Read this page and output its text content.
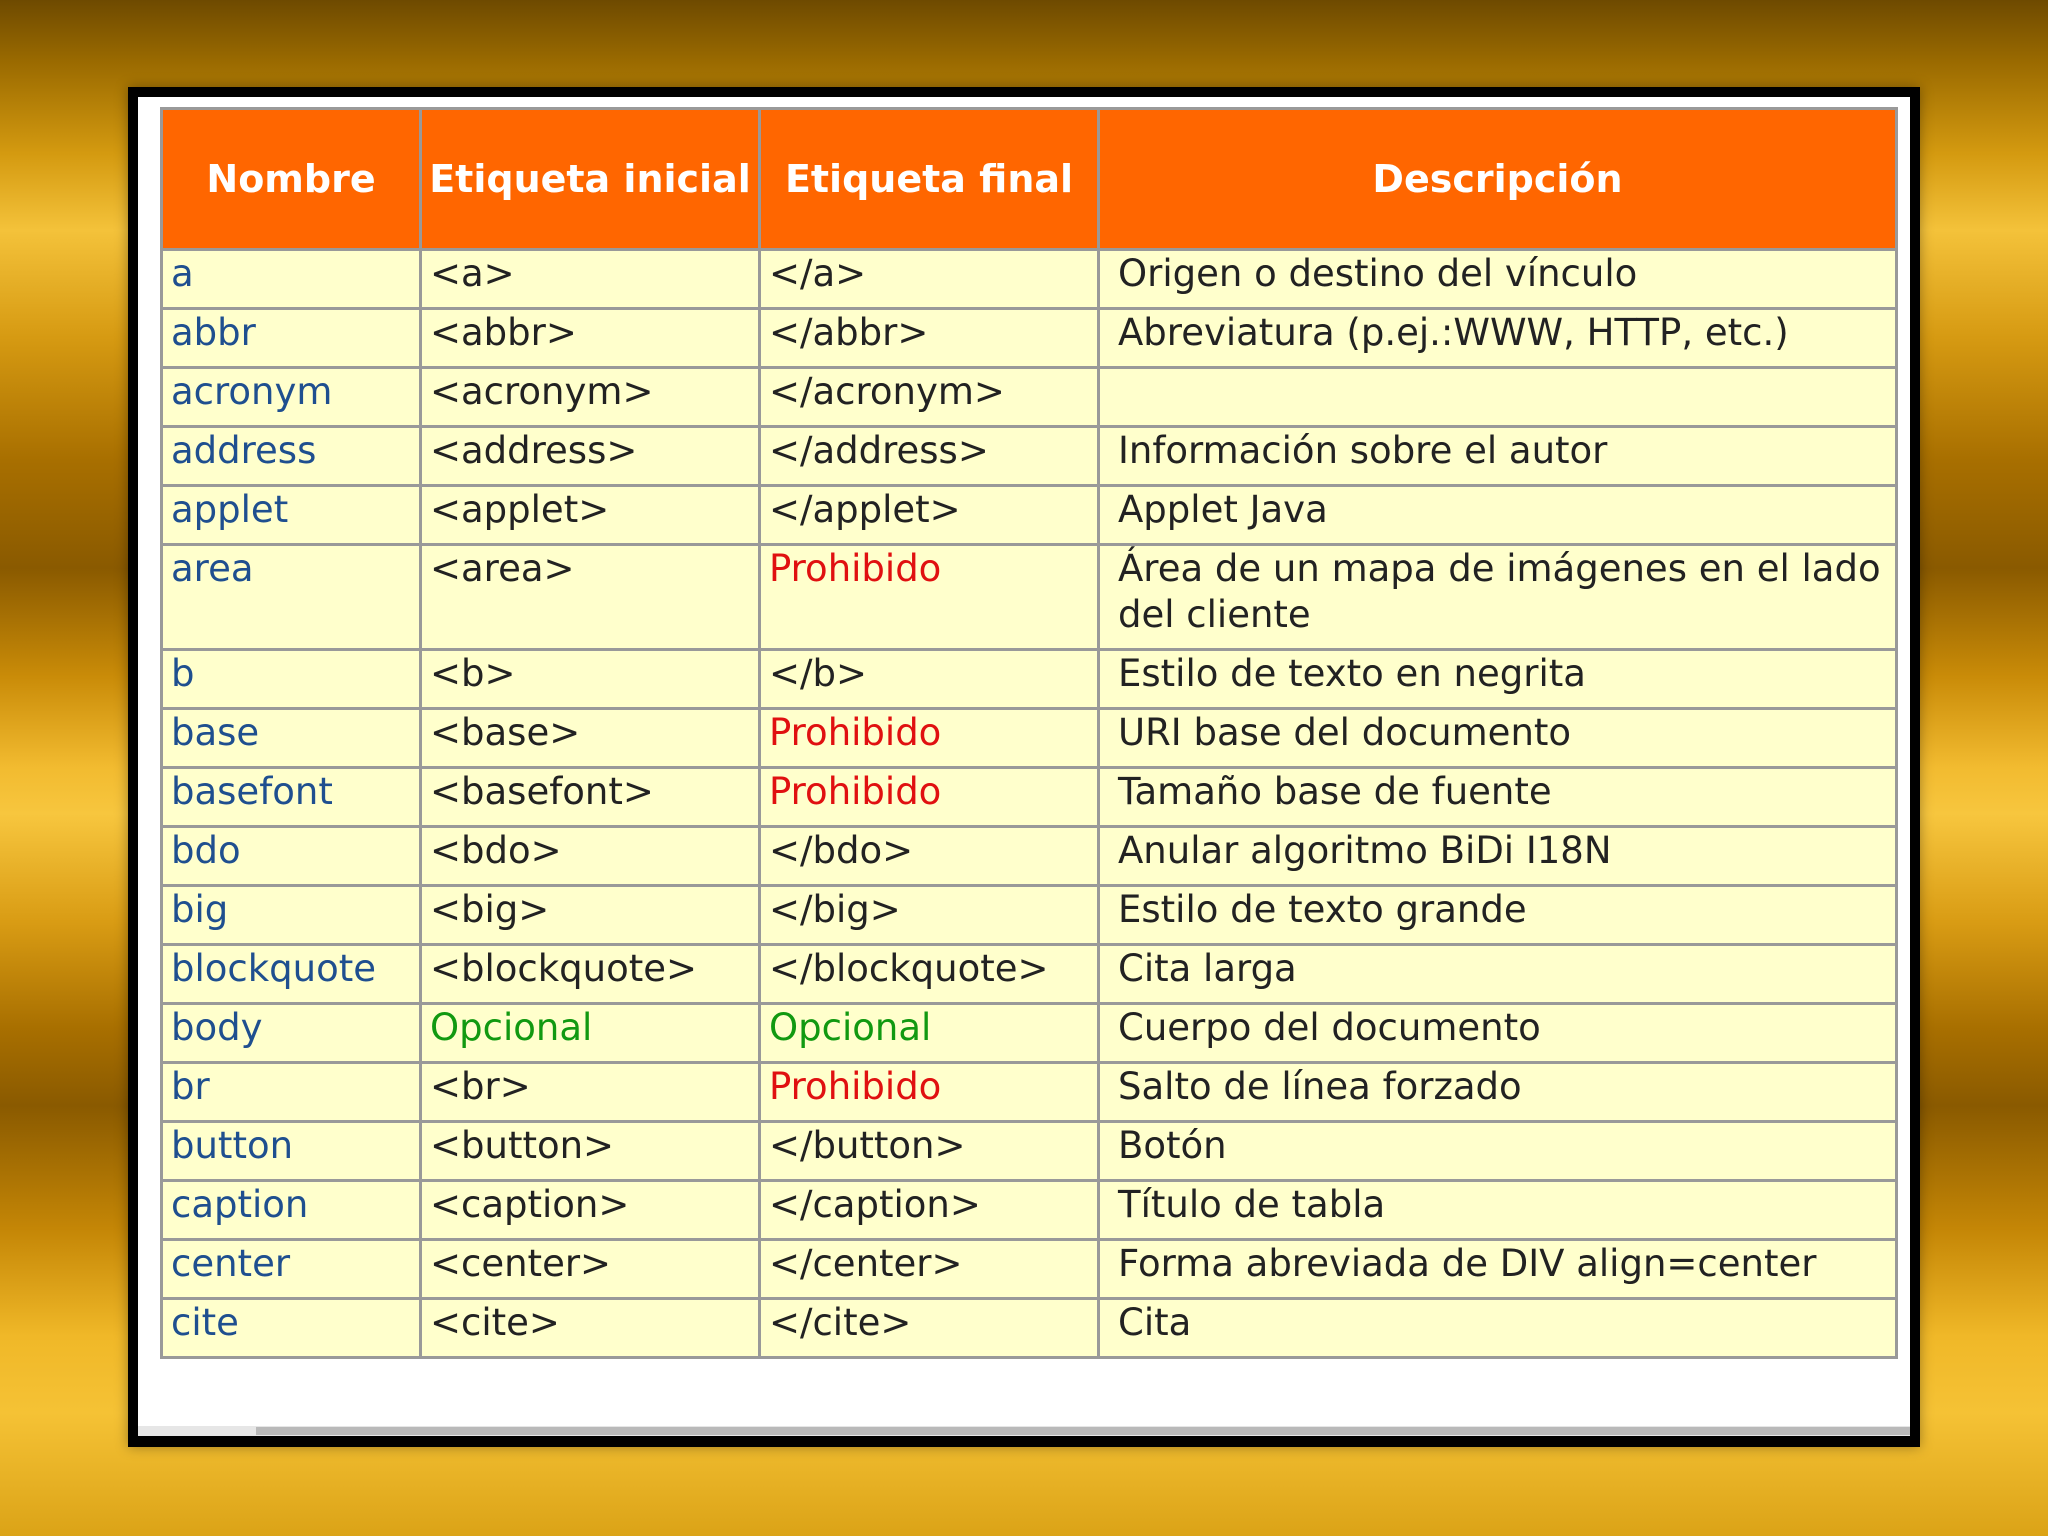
Nombre	Etiqueta inicial	Etiqueta final	Descripción
a	<a>	</a>	Origen o destino del vínculo
abbr	<abbr>	</abbr>	Abreviatura (p.ej.:WWW, HTTP, etc.)
acronym	<acronym>	</acronym>	
address	<address>	</address>	Información sobre el autor
applet	<applet>	</applet>	Applet Java
area	<area>	Prohibido	Área de un mapa de imágenes en el lado del cliente
b	<b>	</b>	Estilo de texto en negrita
base	<base>	Prohibido	URI base del documento
basefont	<basefont>	Prohibido	Tamaño base de fuente
bdo	<bdo>	</bdo>	Anular algoritmo BiDi I18N
big	<big>	</big>	Estilo de texto grande
blockquote	<blockquote>	</blockquote>	Cita larga
body	Opcional	Opcional	Cuerpo del documento
br	<br>	Prohibido	Salto de línea forzado
button	<button>	</button>	Botón
caption	<caption>	</caption>	Título de tabla
center	<center>	</center>	Forma abreviada de DIV align=center
cite	<cite>	</cite>	Cita
